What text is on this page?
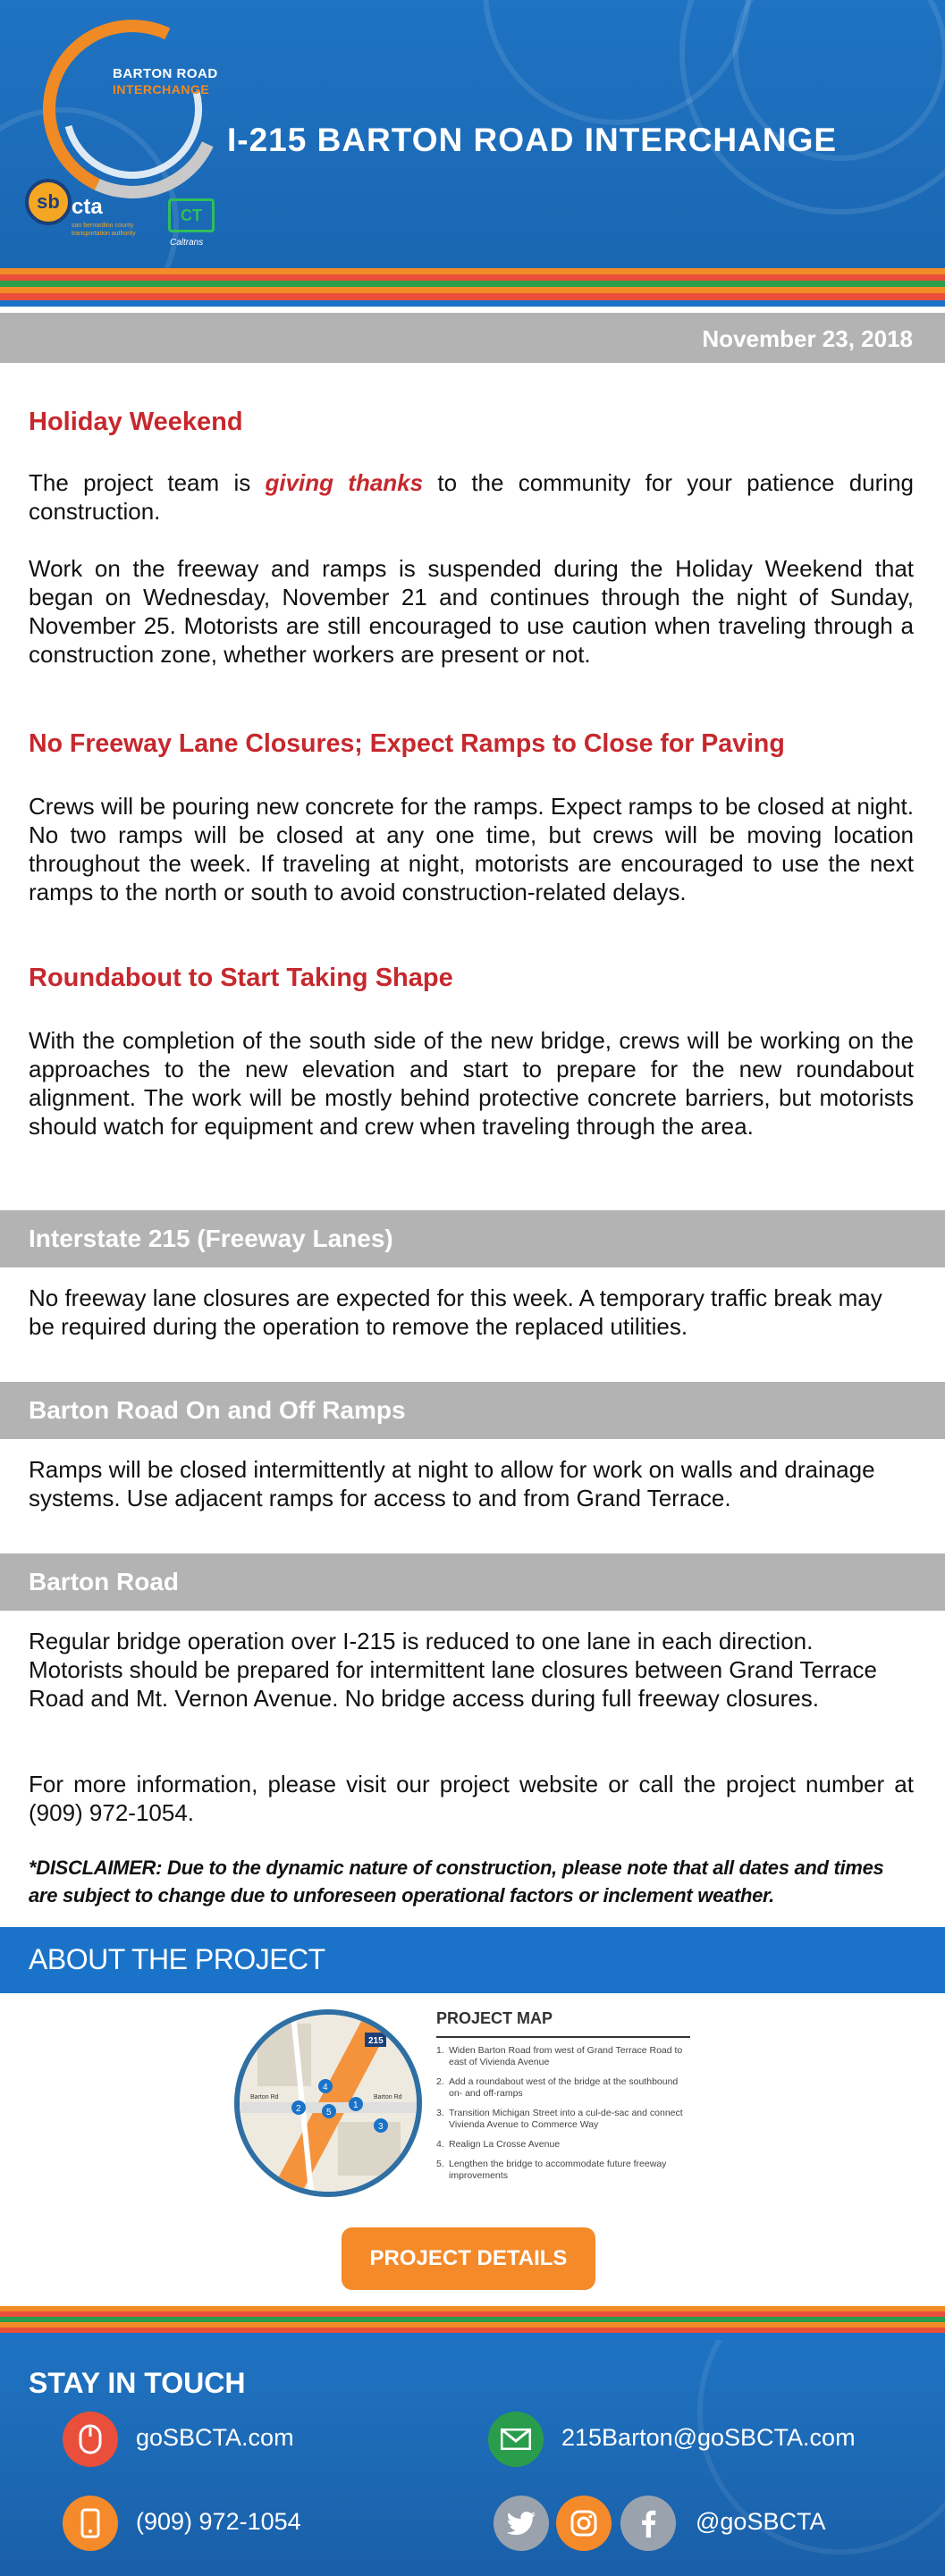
BARTON ROAD
INTERCHANGE
I-215 BARTON ROAD INTERCHANGE
sb cta
san bernardino county transportation authority
CT
Caltrans
November 23, 2018
Holiday Weekend

The project team is giving thanks to the community for your patience during construction.

Work on the freeway and ramps is suspended during the Holiday Weekend that began on Wednesday, November 21 and continues through the night of Sunday, November 25. Motorists are still encouraged to use caution when traveling through a construction zone, whether workers are present or not.

No Freeway Lane Closures; Expect Ramps to Close for Paving

Crews will be pouring new concrete for the ramps. Expect ramps to be closed at night. No two ramps will be closed at any one time, but crews will be moving location throughout the week. If traveling at night, motorists are encouraged to use the next ramps to the north or south to avoid construction-related delays.

Roundabout to Start Taking Shape

With the completion of the south side of the new bridge, crews will be working on the approaches to the new elevation and start to prepare for the new roundabout alignment. The work will be mostly behind protective concrete barriers, but motorists should watch for equipment and crew when traveling through the area.

Interstate 215 (Freeway Lanes)

No freeway lane closures are expected for this week. A temporary traffic break may be required during the operation to remove the replaced utilities.

Barton Road On and Off Ramps

Ramps will be closed intermittently at night to allow for work on walls and drainage systems. Use adjacent ramps for access to and from Grand Terrace.

Barton Road

Regular bridge operation over I-215 is reduced to one lane in each direction. Motorists should be prepared for intermittent lane closures between Grand Terrace Road and Mt. Vernon Avenue. No bridge access during full freeway closures.

For more information, please visit our project website or call the project number at (909) 972-1054.

*DISCLAIMER: Due to the dynamic nature of construction, please note that all dates and times are subject to change due to unforeseen operational factors or inclement weather.

ABOUT THE PROJECT
Barton Rd	Barton Rd
215
1
2
3
4
5
PROJECT MAP
1. Widen Barton Road from west of Grand Terrace Road to east of Vivienda Avenue
2. Add a roundabout west of the bridge at the southbound on- and off-ramps
3. Transition Michigan Street into a cul-de-sac and connect Vivienda Avenue to Commerce Way
4. Realign La Crosse Avenue
5. Lengthen the bridge to accommodate future freeway improvements
PROJECT DETAILS
STAY IN TOUCH
goSBCTA.com	215Barton@goSBCTA.com
(909) 972-1054	@goSBCTA
